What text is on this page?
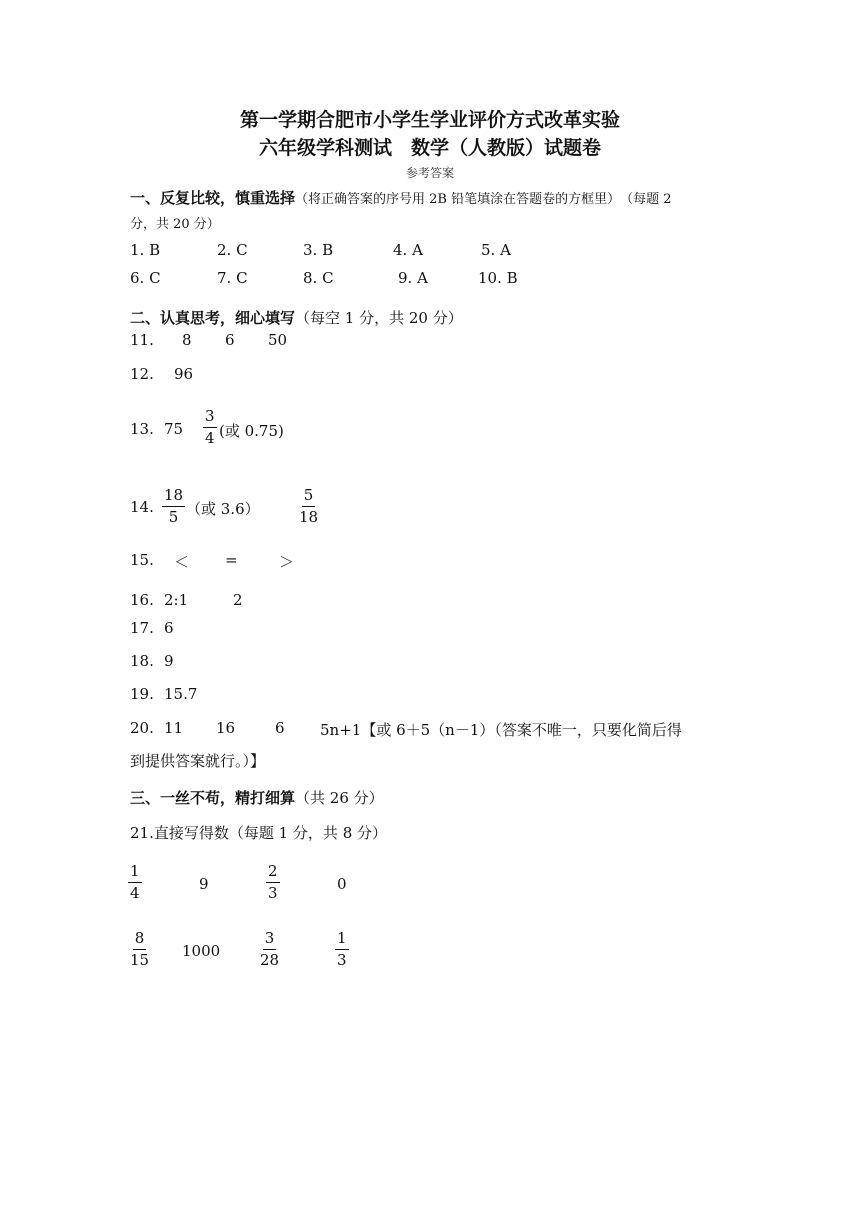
第一学期合肥市小学生学业评价方式改革实验
六年级学科测试　数学（人教版）试题卷
参考答案
一、反复比较，慎重选择（将正确答案的序号用 2B 铅笔填涂在答题卷的方框里）　（每题 2
分，共 20 分）
1. B	2. C	3. B	4. A	5. A
6. C	7. C	8. C	9. A	10. B
二、认真思考，细心填写（每空 1 分，共 20 分）
11. 8 6 50
12. 96
13. $75 \frac{3}{4}$ (或 0.75)
14. $\frac{18}{5}$ （或 $3.6) \frac{5}{18}$
15. ＜ =	＞
16. 2:1	2
17. 6
18. 9
19. 15.7
20. 11 16	6 5n+1【或 6＋5（n－1）（答案不唯一，只要化简后得
到提供答案就行。）】
三、一丝不苟，精打细算（共 26 分）
21.直接写得数（每题 1 分，共 8 分）
$\frac{1}{4}$	9	$\frac{2}{3}$	0
$\frac{8}{15} 1000$	$\frac{3}{28}$	$\frac{1}{3}$
